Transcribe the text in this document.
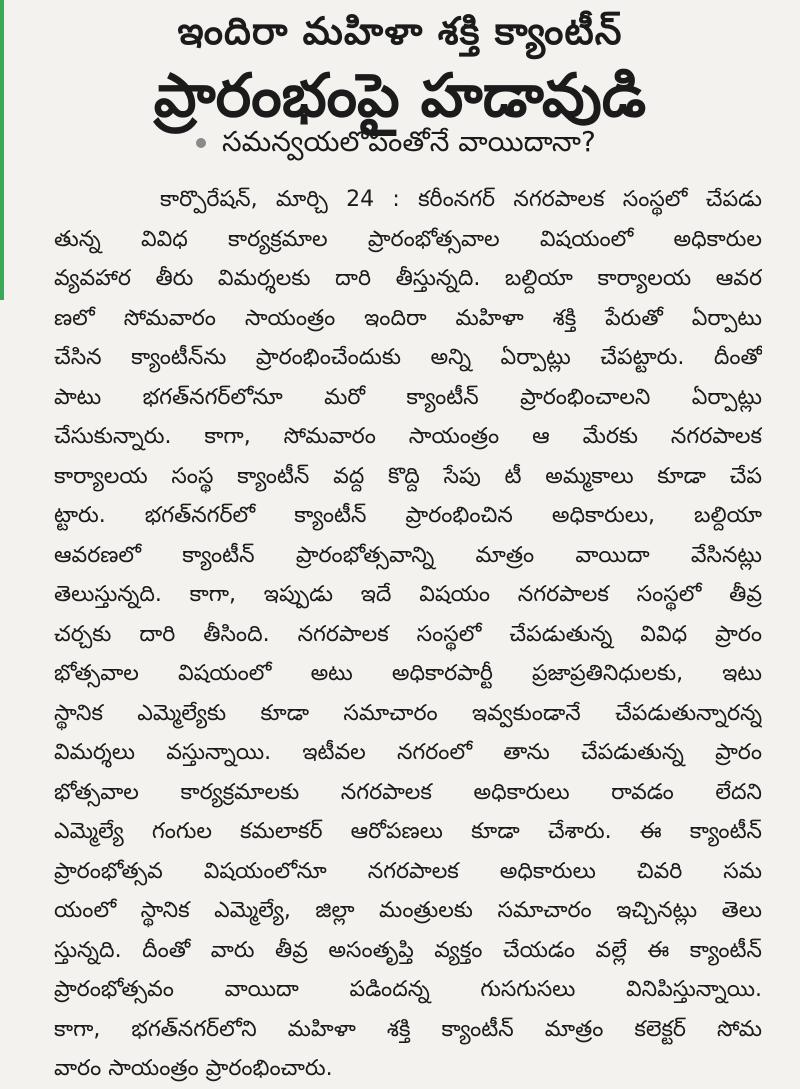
ఇందిరా మహిళా శక్తి క్యాంటీన్
ప్రారంభంపై హడావుడి
సమన్వయలోపంతోనే వాయిదానా?
కార్పొరేషన్, మార్చి 24 : కరీంనగర్ నగరపాలక సంస్థలో చేపడు
తున్న వివిధ కార్యక్రమాల ప్రారంభోత్సవాల విషయంలో అధికారుల
వ్యవహార తీరు విమర్శలకు దారి తీస్తున్నది. బల్దియా కార్యాలయ ఆవర
ణలో సోమవారం సాయంత్రం ఇందిరా మహిళా శక్తి పేరుతో ఏర్పాటు
చేసిన క్యాంటీన్‌ను ప్రారంభించేందుకు అన్ని ఏర్పాట్లు చేపట్టారు. దీంతో
పాటు భగత్‌నగర్‌లోనూ మరో క్యాంటీన్ ప్రారంభించాలని ఏర్పాట్లు
చేసుకున్నారు. కాగా, సోమవారం సాయంత్రం ఆ మేరకు నగరపాలక
కార్యాలయ సంస్థ క్యాంటీన్ వద్ద కొద్ది సేపు టీ అమ్మకాలు కూడా చేప
ట్టారు. భగత్‌నగర్‌లో క్యాంటీన్ ప్రారంభించిన అధికారులు, బల్దియా
ఆవరణలో క్యాంటీన్ ప్రారంభోత్సవాన్ని మాత్రం వాయిదా వేసినట్లు
తెలుస్తున్నది. కాగా, ఇప్పుడు ఇదే విషయం నగరపాలక సంస్థలో తీవ్ర
చర్చకు దారి తీసింది. నగరపాలక సంస్థలో చేపడుతున్న వివిధ ప్రారం
భోత్సవాల విషయంలో అటు అధికారపార్టీ ప్రజాప్రతినిధులకు, ఇటు
స్థానిక ఎమ్మెల్యేకు కూడా సమాచారం ఇవ్వకుండానే చేపడుతున్నారన్న
విమర్శలు వస్తున్నాయి. ఇటీవల నగరంలో తాను చేపడుతున్న ప్రారం
భోత్సవాల కార్యక్రమాలకు నగరపాలక అధికారులు రావడం లేదని
ఎమ్మెల్యే గంగుల కమలాకర్ ఆరోపణలు కూడా చేశారు. ఈ క్యాంటీన్
ప్రారంభోత్సవ విషయంలోనూ నగరపాలక అధికారులు చివరి సమ
యంలో స్థానిక ఎమ్మెల్యే, జిల్లా మంత్రులకు సమాచారం ఇచ్చినట్లు తెలు
స్తున్నది. దీంతో వారు తీవ్ర అసంతృప్తి వ్యక్తం చేయడం వల్లే ఈ క్యాంటీన్
ప్రారంభోత్సవం వాయిదా పడిందన్న గుసగుసలు వినిపిస్తున్నాయి.
కాగా, భగత్‌నగర్‌లోని మహిళా శక్తి క్యాంటీన్ మాత్రం కలెక్టర్ సోమ
వారం సాయంత్రం ప్రారంభించారు.
